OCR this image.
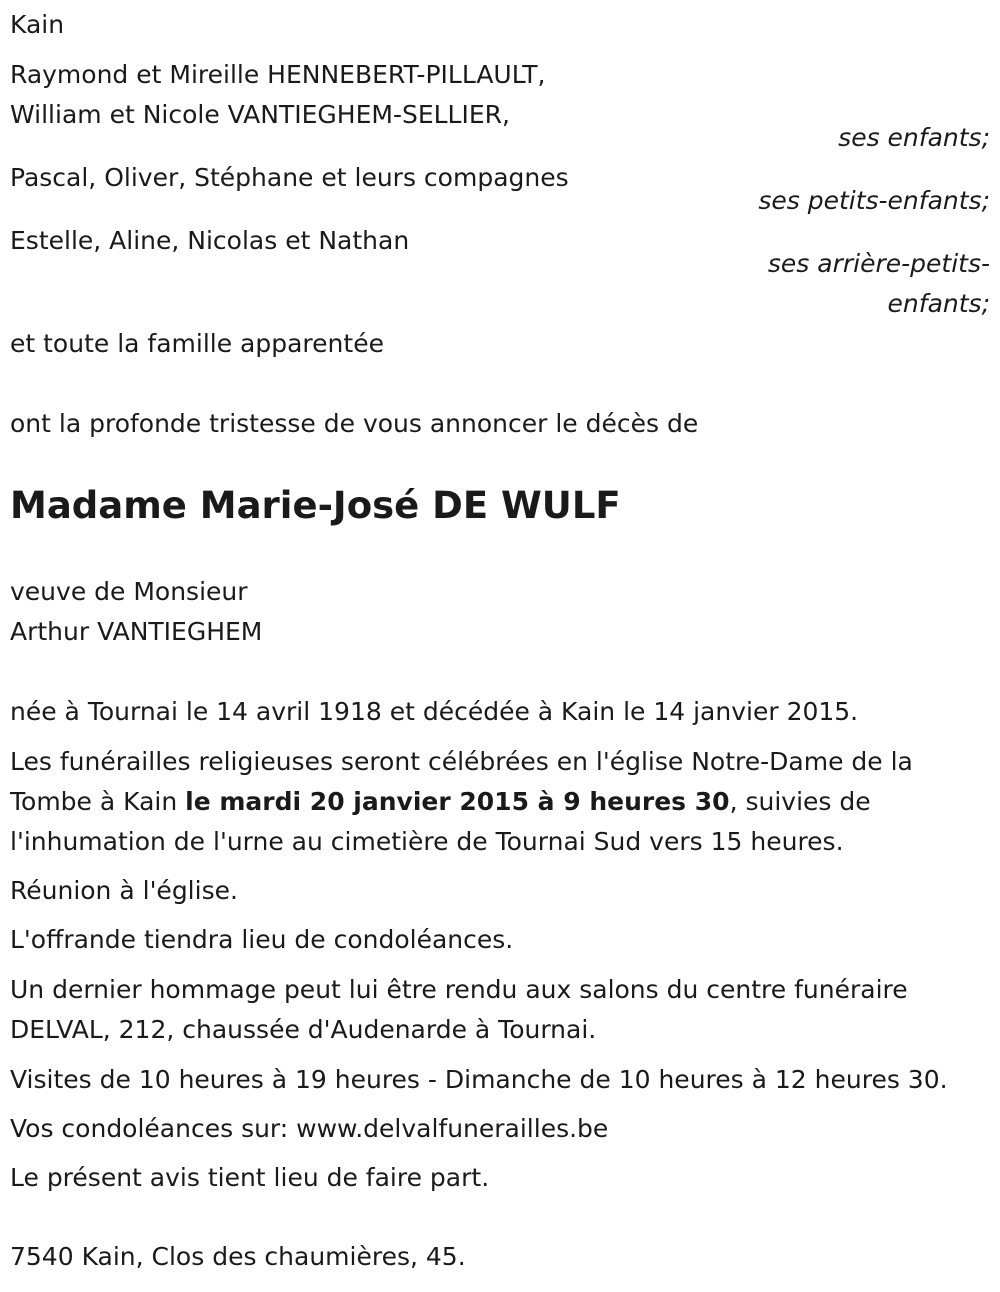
Kain

Raymond et Mireille HENNEBERT-PILLAULT,

William et Nicole VANTIEGHEM-SELLIER,

ses enfants;

Pascal, Oliver, Stéphane et leurs compagnes

ses petits-enfants;

Estelle, Aline, Nicolas et Nathan

ses arrière-petits-

enfants;

et toute la famille apparentée

ont la profonde tristesse de vous annoncer le décès de

Madame Marie-José DE WULF

veuve de Monsieur

Arthur VANTIEGHEM

née à Tournai le 14 avril 1918 et décédée à Kain le 14 janvier 2015.

Les funérailles religieuses seront célébrées en l'église Notre-Dame de la Tombe à Kain le mardi 20 janvier 2015 à 9 heures 30, suivies de l'inhumation de l'urne au cimetière de Tournai Sud vers 15 heures.

Réunion à l'église.

L'offrande tiendra lieu de condoléances.

Un dernier hommage peut lui être rendu aux salons du centre funéraire DELVAL, 212, chaussée d'Audenarde à Tournai.

Visites de 10 heures à 19 heures - Dimanche de 10 heures à 12 heures 30.

Vos condoléances sur: www.delvalfunerailles.be

Le présent avis tient lieu de faire part.

7540 Kain, Clos des chaumières, 45.
